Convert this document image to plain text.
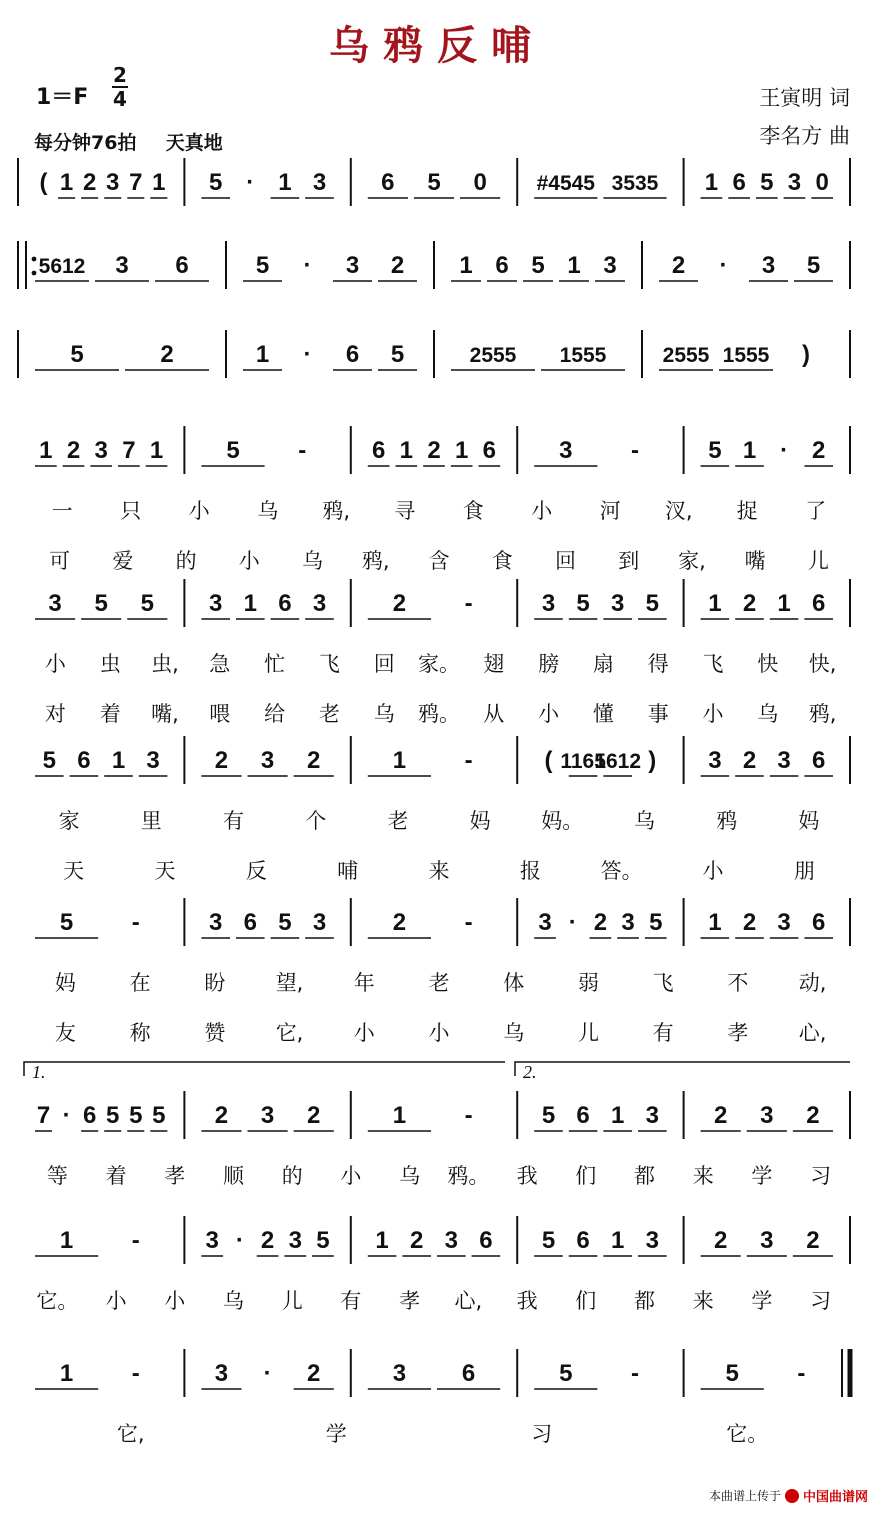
乌鸦反哺
1＝F
2
4
每分钟76拍 天真地
王寅明 词
李名方 曲
( 1 2 3 7 1 5 · 1 3 6 5 0 #4545 3535 1 6 5 3 0
5612 3 6	5 · 3 2 1 6 5 1 3 2 · 3 5
5	2	1 · 6 5	2555 1555	2555 1555 )
1 2 3 7 1	5 -	6 1 2 1 6	3 -	5 1 · 2
一 只 小 乌 鸦, 寻 食 小 河 汊, 捉 了
可 爱 的 小 乌 鸦, 含 食 回 到 家, 嘴 儿
3 5 5 3 1 6 3	2 -	3 5 3 5 1 2 1 6
小 虫 虫, 急 忙 飞 回 家。 翅 膀 扇 得 飞 快 快,
对 着 嘴, 喂 给 老 乌 鸦。 从 小 懂 事 小 乌 鸦,
5 6 1 3 2 3 2	1 -	( 1165
1612 ) 3 2 3 6
家	里	有	个	老	妈 妈。 乌	鸦	妈
天	天	反	哺	来	报	答。	小	朋
5 -	3 6 5 3	2 -	3 · 2 3 5 1 2 3 6
妈	在	盼 望, 年	老	体	弱	飞	不 动,
友	称	赞 它, 小	小	乌	儿	有	孝 心,
7 · 6 5 5 5 2 3 2	1 -	5 6 1 3 2 3 2
等 着 孝 顺 的 小 乌 鸦。 我 们 都 来 学 习
1 -	3 · 2 3 5 1 2 3 6 5 6 1 3 2 3 2
它。 小 小 乌 儿 有 孝 心, 我 们 都 来 学 习
1 -	3 · 2	3 6	5 -	5 -
它,	学	习	它。
1.	2.
本曲谱上传于 中国曲谱网
